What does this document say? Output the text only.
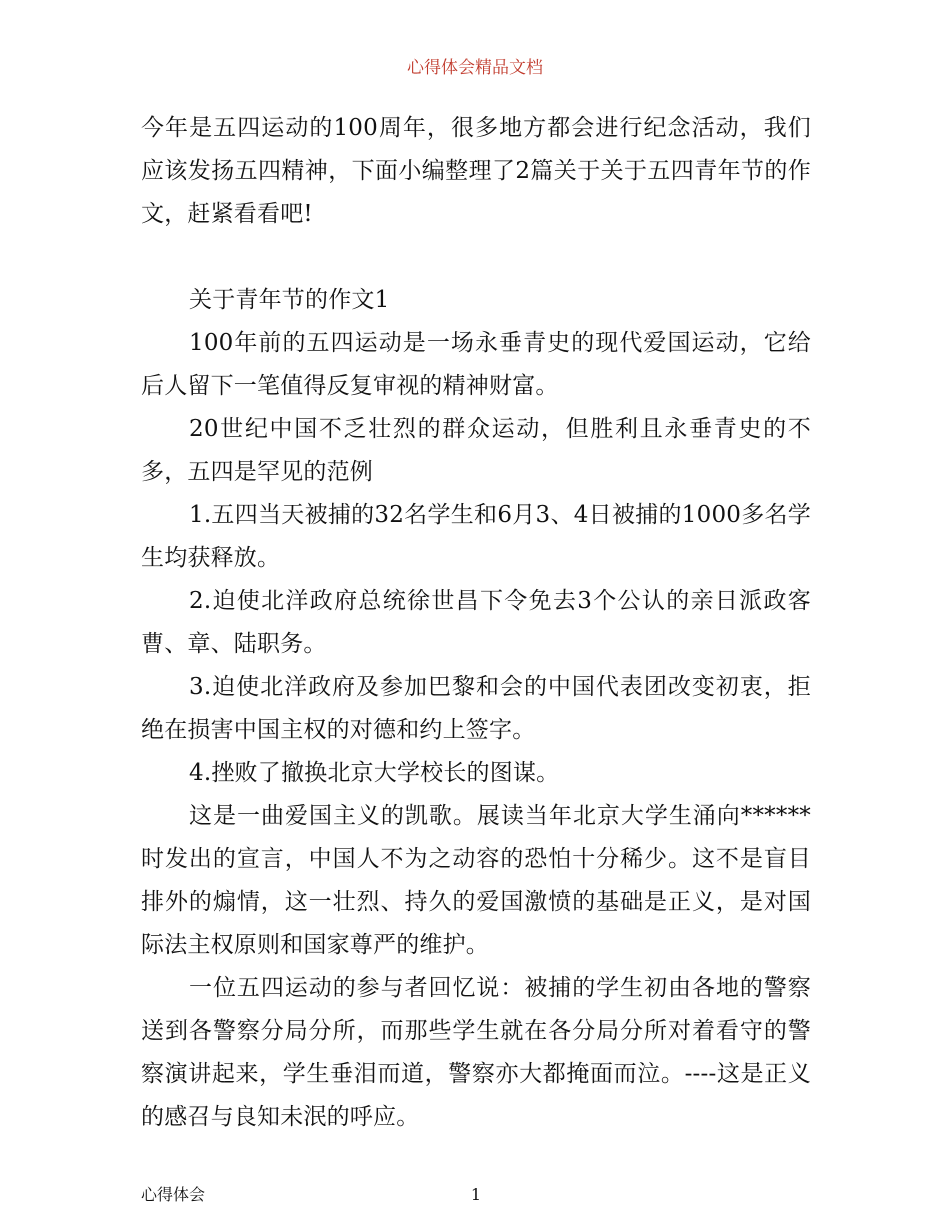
心得体会精品文档

今年是五四运动的100周年，很多地方都会进行纪念活动，我们应该发扬五四精神，下面小编整理了2篇关于关于五四青年节的作文，赶紧看看吧!

关于青年节的作文1

100年前的五四运动是一场永垂青史的现代爱国运动，它给后人留下一笔值得反复审视的精神财富。

20世纪中国不乏壮烈的群众运动，但胜利且永垂青史的不多，五四是罕见的范例

1.五四当天被捕的32名学生和6月3、4日被捕的1000多名学生均获释放。

2.迫使北洋政府总统徐世昌下令免去3个公认的亲日派政客曹、章、陆职务。

3.迫使北洋政府及参加巴黎和会的中国代表团改变初衷，拒绝在损害中国主权的对德和约上签字。

4.挫败了撤换北京大学校长的图谋。

这是一曲爱国主义的凯歌。展读当年北京大学生涌向******时发出的宣言，中国人不为之动容的恐怕十分稀少。这不是盲目排外的煽情，这一壮烈、持久的爱国激愤的基础是正义，是对国际法主权原则和国家尊严的维护。

一位五四运动的参与者回忆说：被捕的学生初由各地的警察送到各警察分局分所，而那些学生就在各分局分所对着看守的警察演讲起来，学生垂泪而道，警察亦大都掩面而泣。----这是正义的感召与良知未泯的呼应。

心得体会	1
